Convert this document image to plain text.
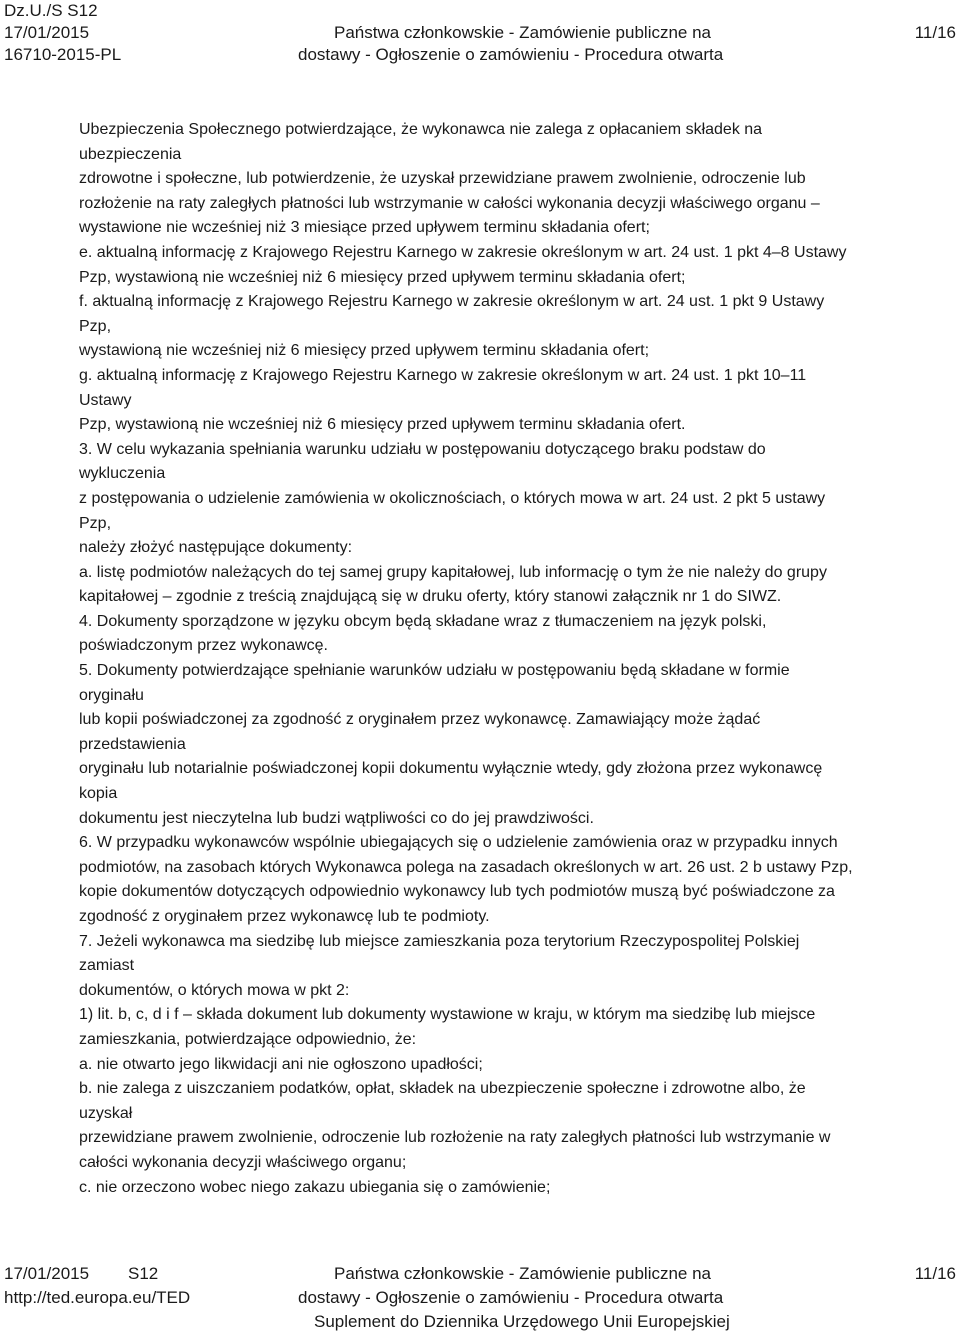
Dz.U./S S12
17/01/2015
16710-2015-PL
Państwa członkowskie - Zamówienie publiczne na
dostawy - Ogłoszenie o zamówieniu - Procedura otwarta
11/16

Ubezpieczenia Społecznego potwierdzające, że wykonawca nie zalega z opłacaniem składek na

ubezpieczenia

zdrowotne i społeczne, lub potwierdzenie, że uzyskał przewidziane prawem zwolnienie, odroczenie lub

rozłożenie na raty zaległych płatności lub wstrzymanie w całości wykonania decyzji właściwego organu –

wystawione nie wcześniej niż 3 miesiące przed upływem terminu składania ofert;

e. aktualną informację z Krajowego Rejestru Karnego w zakresie określonym w art. 24 ust. 1 pkt 4–8 Ustawy

Pzp, wystawioną nie wcześniej niż 6 miesięcy przed upływem terminu składania ofert;

f. aktualną informację z Krajowego Rejestru Karnego w zakresie określonym w art. 24 ust. 1 pkt 9 Ustawy

Pzp,

wystawioną nie wcześniej niż 6 miesięcy przed upływem terminu składania ofert;

g. aktualną informację z Krajowego Rejestru Karnego w zakresie określonym w art. 24 ust. 1 pkt 10–11

Ustawy

Pzp, wystawioną nie wcześniej niż 6 miesięcy przed upływem terminu składania ofert.

3. W celu wykazania spełniania warunku udziału w postępowaniu dotyczącego braku podstaw do

wykluczenia

z postępowania o udzielenie zamówienia w okolicznościach, o których mowa w art. 24 ust. 2 pkt 5 ustawy

Pzp,

należy złożyć następujące dokumenty:

a. listę podmiotów należących do tej samej grupy kapitałowej, lub informację o tym że nie należy do grupy

kapitałowej – zgodnie z treścią znajdującą się w druku oferty, który stanowi załącznik nr 1 do SIWZ.

4. Dokumenty sporządzone w języku obcym będą składane wraz z tłumaczeniem na język polski,

poświadczonym przez wykonawcę.

5. Dokumenty potwierdzające spełnianie warunków udziału w postępowaniu będą składane w formie

oryginału

lub kopii poświadczonej za zgodność z oryginałem przez wykonawcę. Zamawiający może żądać

przedstawienia

oryginału lub notarialnie poświadczonej kopii dokumentu wyłącznie wtedy, gdy złożona przez wykonawcę

kopia

dokumentu jest nieczytelna lub budzi wątpliwości co do jej prawdziwości.

6. W przypadku wykonawców wspólnie ubiegających się o udzielenie zamówienia oraz w przypadku innych

podmiotów, na zasobach których Wykonawca polega na zasadach określonych w art. 26 ust. 2 b ustawy Pzp,

kopie dokumentów dotyczących odpowiednio wykonawcy lub tych podmiotów muszą być poświadczone za

zgodność z oryginałem przez wykonawcę lub te podmioty.

7. Jeżeli wykonawca ma siedzibę lub miejsce zamieszkania poza terytorium Rzeczypospolitej Polskiej

zamiast

dokumentów, o których mowa w pkt 2:

1) lit. b, c, d i f – składa dokument lub dokumenty wystawione w kraju, w którym ma siedzibę lub miejsce

zamieszkania, potwierdzające odpowiednio, że:

a. nie otwarto jego likwidacji ani nie ogłoszono upadłości;

b. nie zalega z uiszczaniem podatków, opłat, składek na ubezpieczenie społeczne i zdrowotne albo, że

uzyskał

przewidziane prawem zwolnienie, odroczenie lub rozłożenie na raty zaległych płatności lub wstrzymanie w

całości wykonania decyzji właściwego organu;

c. nie orzeczono wobec niego zakazu ubiegania się o zamówienie;

17/01/2015 S12
http://ted.europa.eu/TED
Państwa członkowskie - Zamówienie publiczne na
dostawy - Ogłoszenie o zamówieniu - Procedura otwarta
Suplement do Dziennika Urzędowego Unii Europejskiej
11/16
